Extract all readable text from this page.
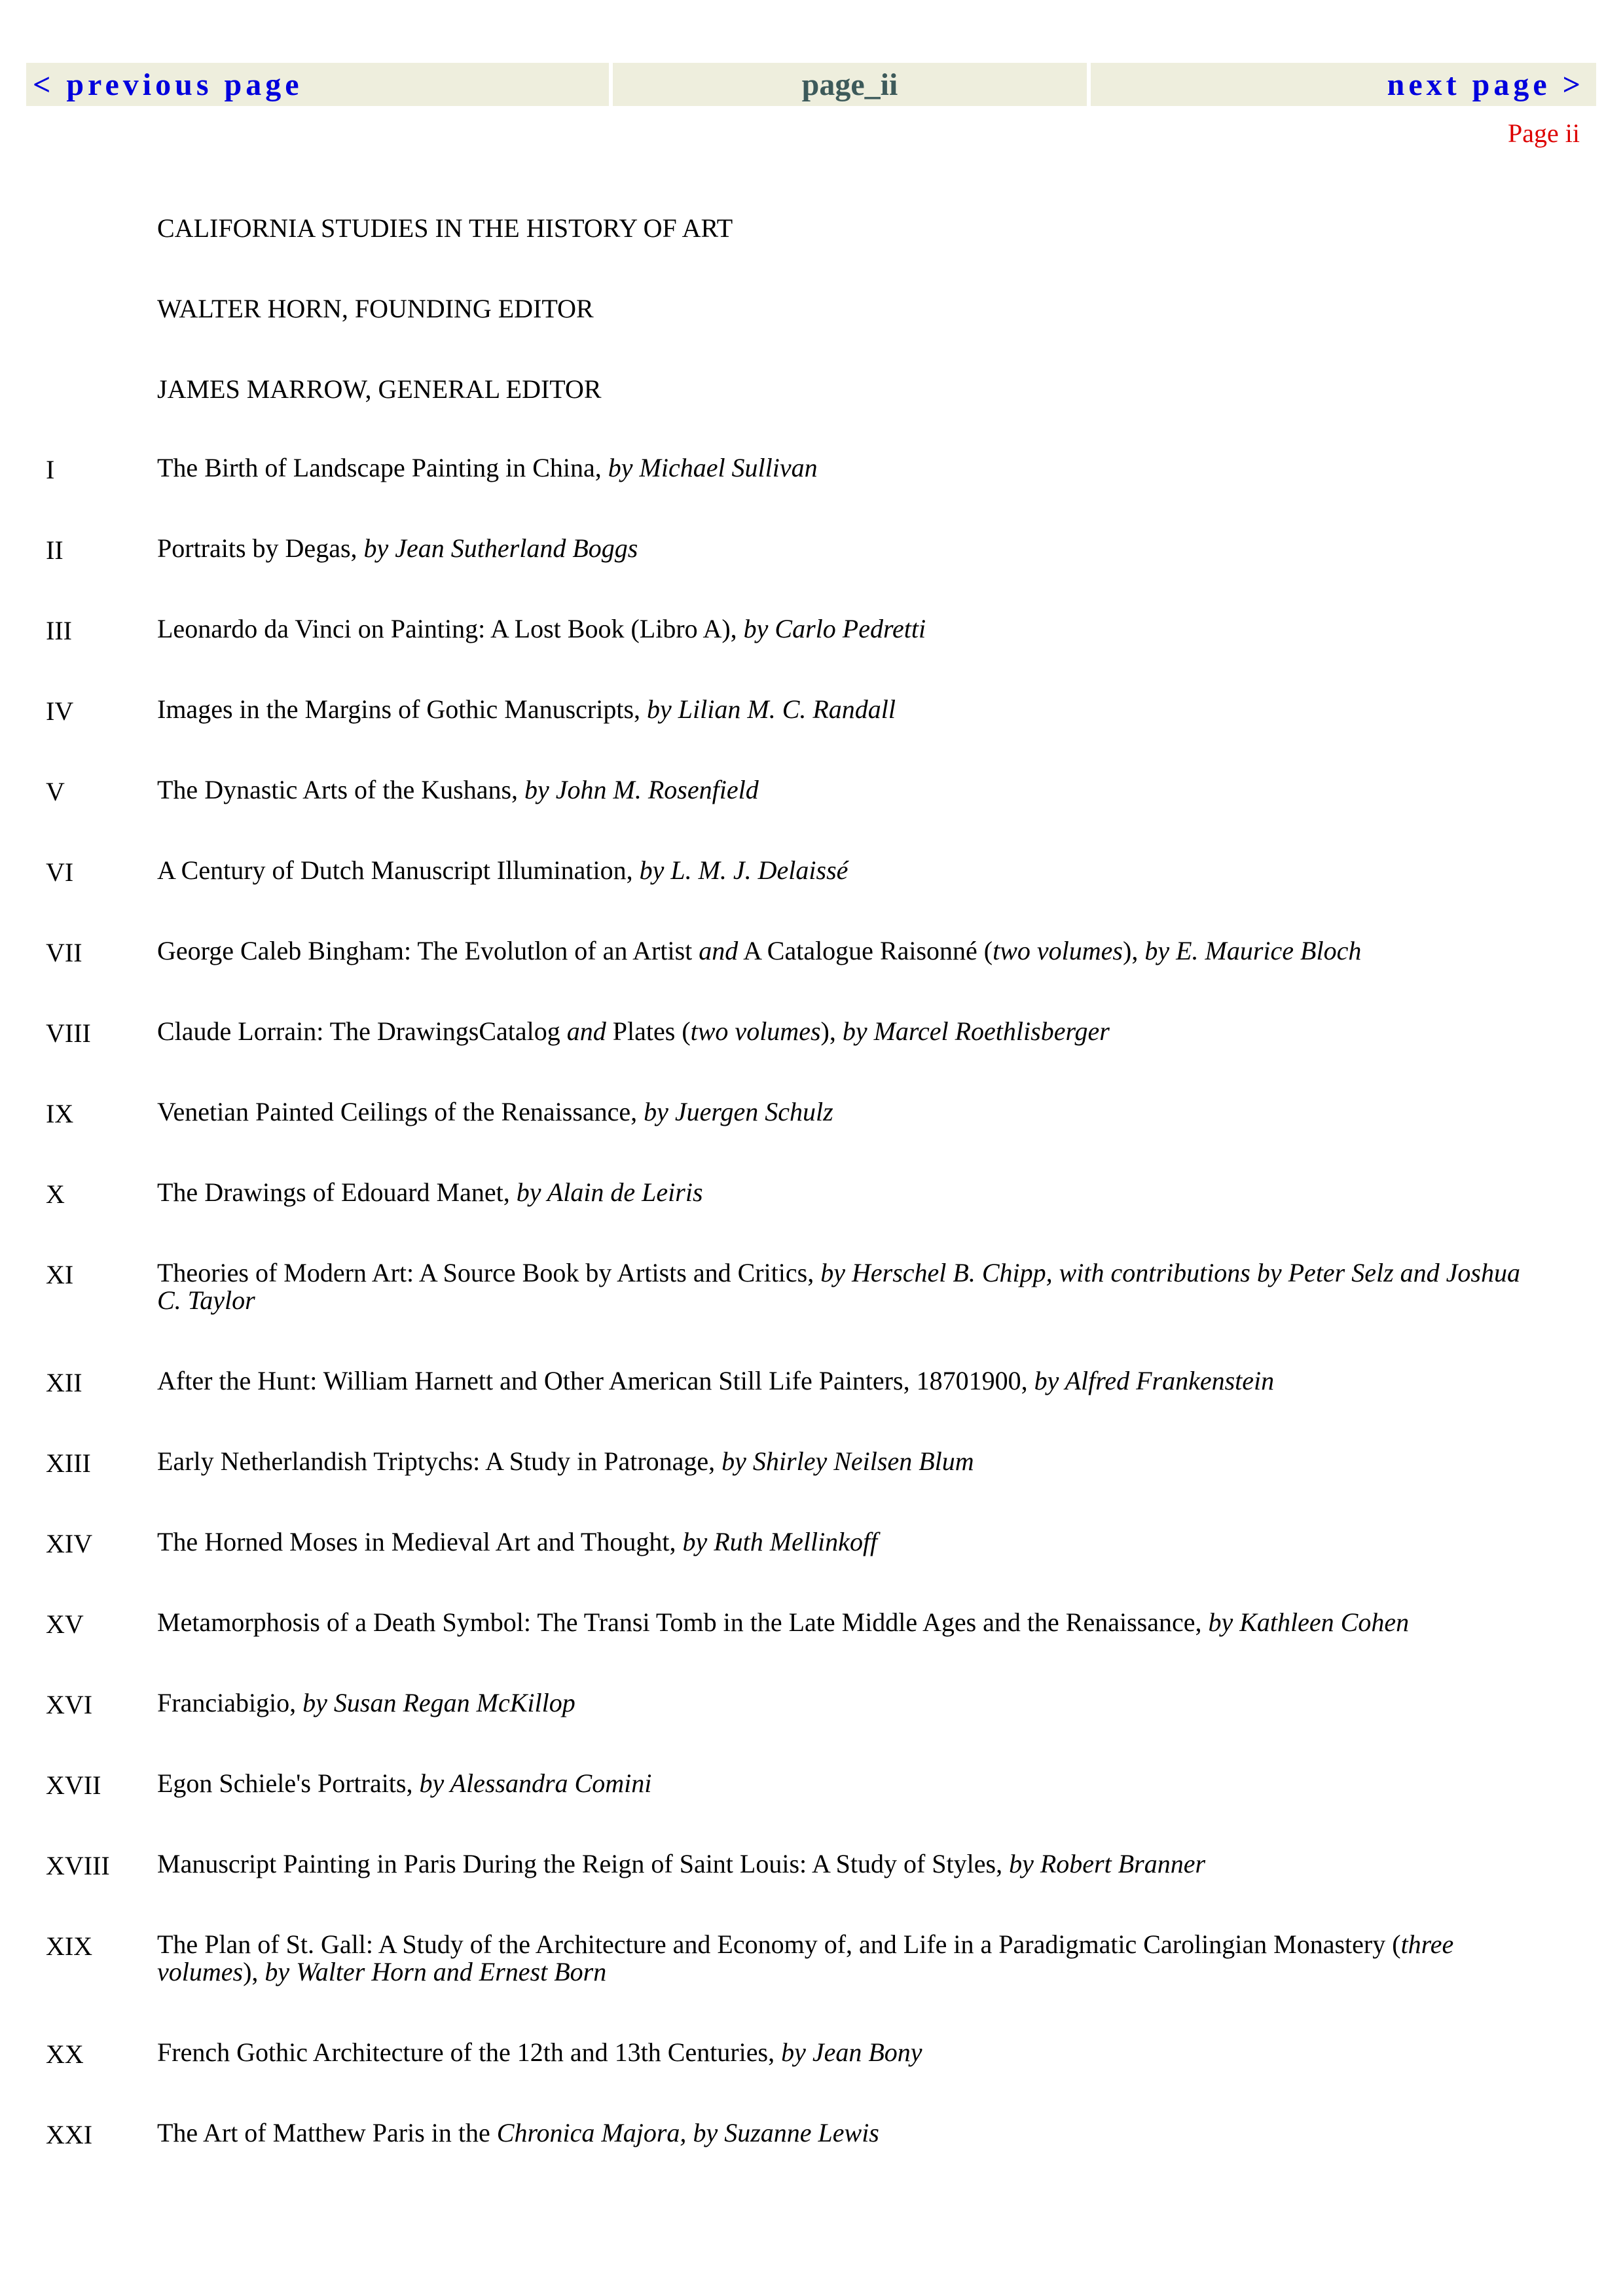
< previous page	page_ii	next page >
Page ii
CALIFORNIA STUDIES IN THE HISTORY OF ART
WALTER HORN, FOUNDING EDITOR
JAMES MARROW, GENERAL EDITOR
I	The Birth of Landscape Painting in China, by Michael Sullivan
II	Portraits by Degas, by Jean Sutherland Boggs
III	Leonardo da Vinci on Painting: A Lost Book (Libro A), by Carlo Pedretti
IV	Images in the Margins of Gothic Manuscripts, by Lilian M. C. Randall
V	The Dynastic Arts of the Kushans, by John M. Rosenfield
VI	A Century of Dutch Manuscript Illumination, by L. M. J. Delaissé
VII	George Caleb Bingham: The Evolutlon of an Artist and A Catalogue Raisonné (two volumes), by E. Maurice Bloch
VIII	Claude Lorrain: The DrawingsCatalog and Plates (two volumes), by Marcel Roethlisberger
IX	Venetian Painted Ceilings of the Renaissance, by Juergen Schulz
X	The Drawings of Edouard Manet, by Alain de Leiris
XI	Theories of Modern Art: A Source Book by Artists and Critics, by Herschel B. Chipp, with contributions by Peter Selz and Joshua C. Taylor
XII	After the Hunt: William Harnett and Other American Still Life Painters, 18701900, by Alfred Frankenstein
XIII	Early Netherlandish Triptychs: A Study in Patronage, by Shirley Neilsen Blum
XIV The Horned Moses in Medieval Art and Thought, by Ruth Mellinkoff
XV	Metamorphosis of a Death Symbol: The Transi Tomb in the Late Middle Ages and the Renaissance, by Kathleen Cohen
XVI Franciabigio, by Susan Regan McKillop
XVII Egon Schiele's Portraits, by Alessandra Comini
XVIII Manuscript Painting in Paris During the Reign of Saint Louis: A Study of Styles, by Robert Branner
XIX The Plan of St. Gall: A Study of the Architecture and Economy of, and Life in a Paradigmatic Carolingian Monastery (three volumes), by Walter Horn and Ernest Born
XX	French Gothic Architecture of the 12th and 13th Centuries, by Jean Bony
XXI The Art of Matthew Paris in the Chronica Majora, by Suzanne Lewis
